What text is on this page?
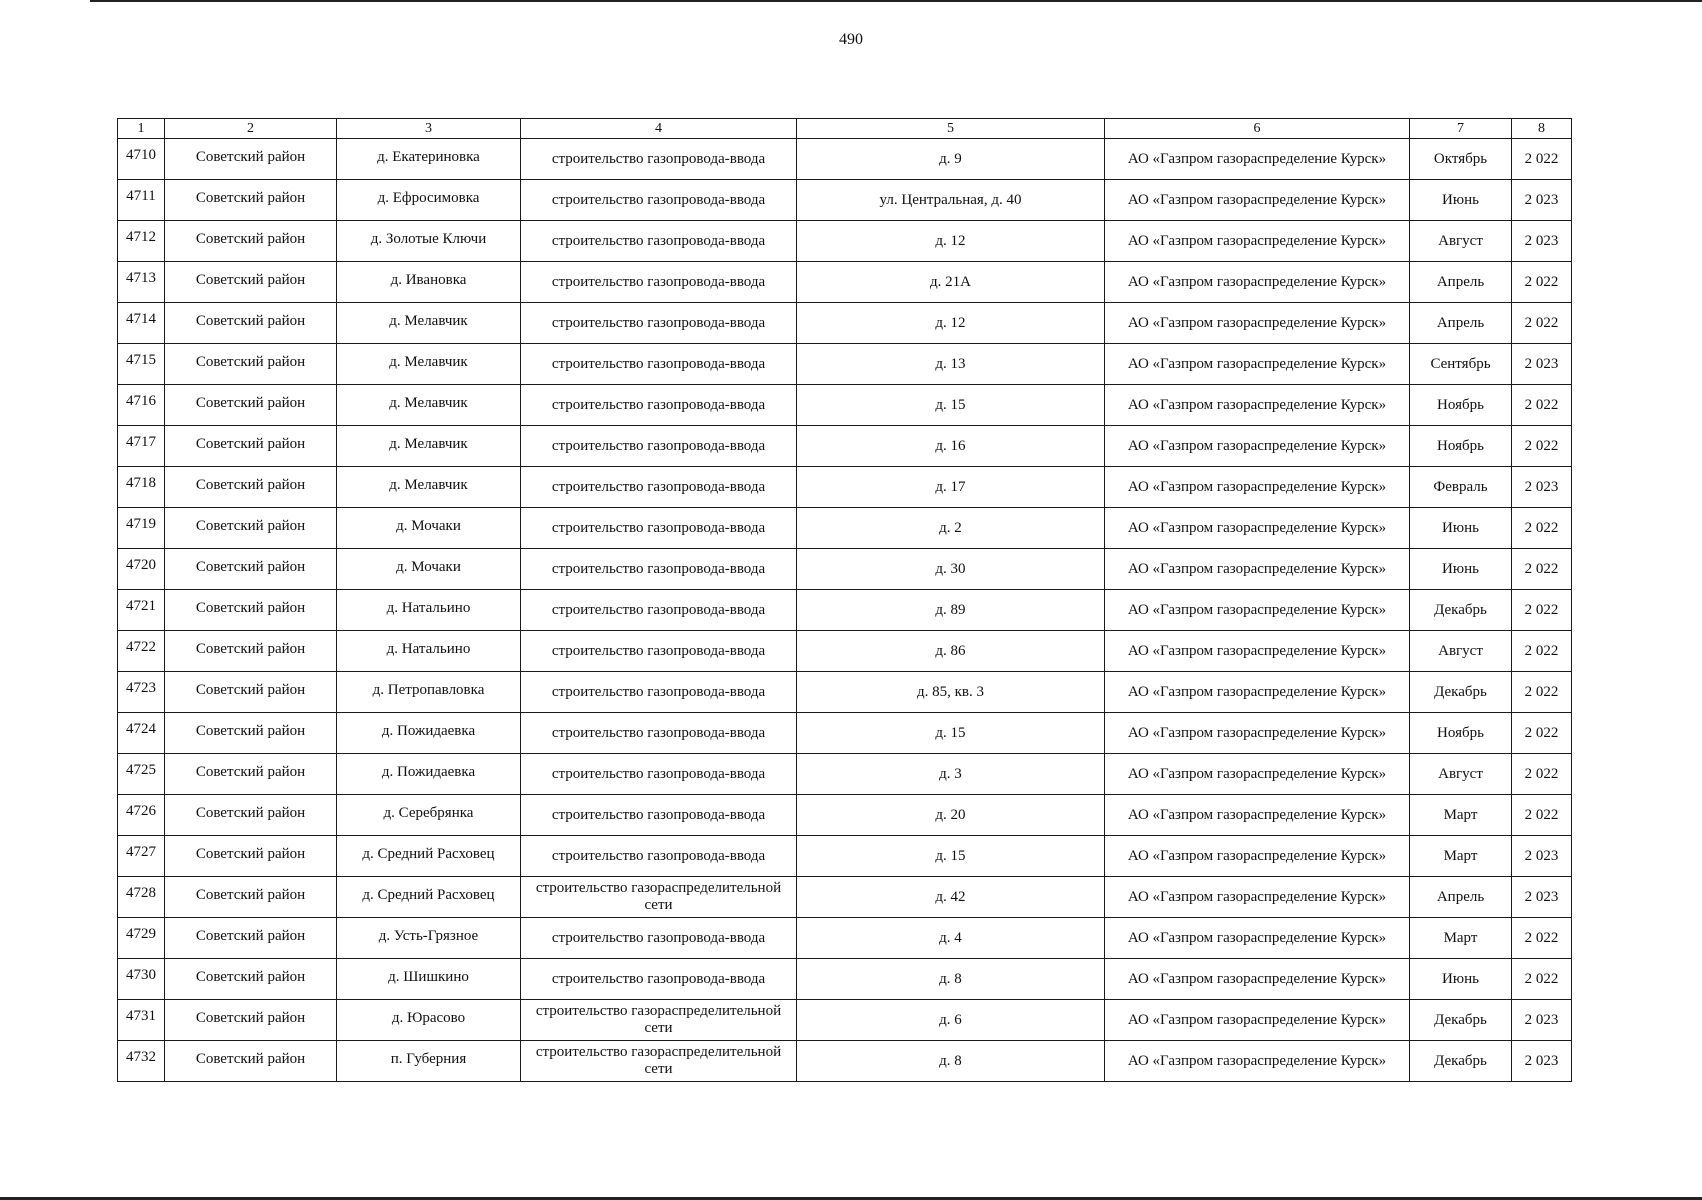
490
1	2	3	4	5	6	7	8
4710	Советский район	д. Екатериновка	строительство газопровода-ввода	д. 9	АО «Газпром газораспределение Курск»	Октябрь	2 022
4711	Советский район	д. Ефросимовка	строительство газопровода-ввода	ул. Центральная, д. 40	АО «Газпром газораспределение Курск»	Июнь	2 023
4712	Советский район	д. Золотые Ключи	строительство газопровода-ввода	д. 12	АО «Газпром газораспределение Курск»	Август	2 023
4713	Советский район	д. Ивановка	строительство газопровода-ввода	д. 21А	АО «Газпром газораспределение Курск»	Апрель	2 022
4714	Советский район	д. Мелавчик	строительство газопровода-ввода	д. 12	АО «Газпром газораспределение Курск»	Апрель	2 022
4715	Советский район	д. Мелавчик	строительство газопровода-ввода	д. 13	АО «Газпром газораспределение Курск»	Сентябрь	2 023
4716	Советский район	д. Мелавчик	строительство газопровода-ввода	д. 15	АО «Газпром газораспределение Курск»	Ноябрь	2 022
4717	Советский район	д. Мелавчик	строительство газопровода-ввода	д. 16	АО «Газпром газораспределение Курск»	Ноябрь	2 022
4718	Советский район	д. Мелавчик	строительство газопровода-ввода	д. 17	АО «Газпром газораспределение Курск»	Февраль	2 023
4719	Советский район	д. Мочаки	строительство газопровода-ввода	д. 2	АО «Газпром газораспределение Курск»	Июнь	2 022
4720	Советский район	д. Мочаки	строительство газопровода-ввода	д. 30	АО «Газпром газораспределение Курск»	Июнь	2 022
4721	Советский район	д. Натальино	строительство газопровода-ввода	д. 89	АО «Газпром газораспределение Курск»	Декабрь	2 022
4722	Советский район	д. Натальино	строительство газопровода-ввода	д. 86	АО «Газпром газораспределение Курск»	Август	2 022
4723	Советский район	д. Петропавловка	строительство газопровода-ввода	д. 85, кв. 3	АО «Газпром газораспределение Курск»	Декабрь	2 022
4724	Советский район	д. Пожидаевка	строительство газопровода-ввода	д. 15	АО «Газпром газораспределение Курск»	Ноябрь	2 022
4725	Советский район	д. Пожидаевка	строительство газопровода-ввода	д. 3	АО «Газпром газораспределение Курск»	Август	2 022
4726	Советский район	д. Серебрянка	строительство газопровода-ввода	д. 20	АО «Газпром газораспределение Курск»	Март	2 022
4727	Советский район	д. Средний Расховец	строительство газопровода-ввода	д. 15	АО «Газпром газораспределение Курск»	Март	2 023
4728	Советский район	д. Средний Расховец	строительство газораспределительной сети	д. 42	АО «Газпром газораспределение Курск»	Апрель	2 023
4729	Советский район	д. Усть-Грязное	строительство газопровода-ввода	д. 4	АО «Газпром газораспределение Курск»	Март	2 022
4730	Советский район	д. Шишкино	строительство газопровода-ввода	д. 8	АО «Газпром газораспределение Курск»	Июнь	2 022
4731	Советский район	д. Юрасово	строительство газораспределительной сети	д. 6	АО «Газпром газораспределение Курск»	Декабрь	2 023
4732	Советский район	п. Губерния	строительство газораспределительной сети	д. 8	АО «Газпром газораспределение Курск»	Декабрь	2 023
